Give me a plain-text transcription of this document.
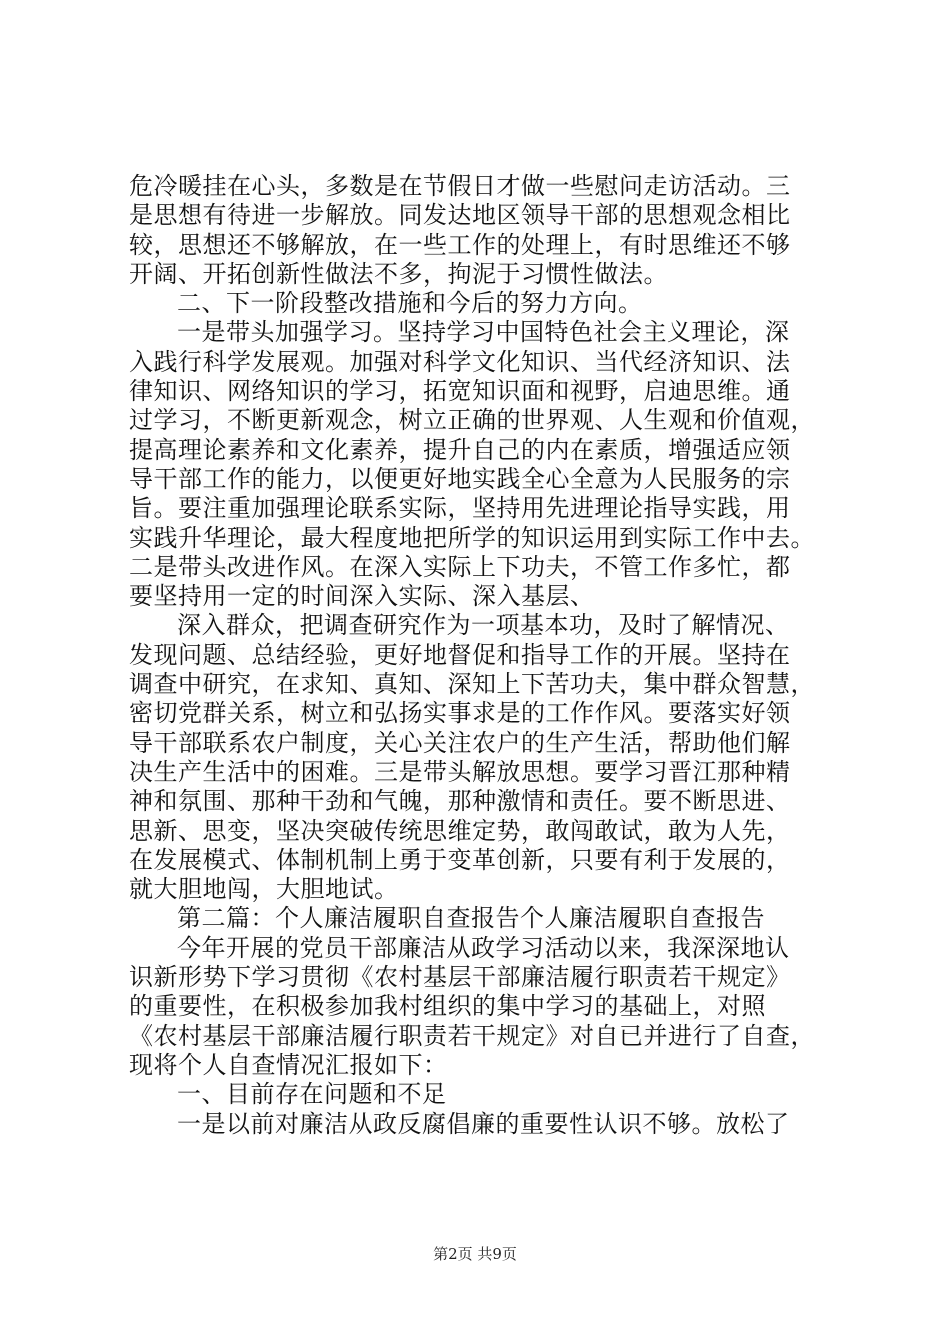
危冷暖挂在心头，多数是在节假日才做一些慰问走访活动。三
是思想有待进一步解放。同发达地区领导干部的思想观念相比
较，思想还不够解放，在一些工作的处理上，有时思维还不够
开阔、开拓创新性做法不多，拘泥于习惯性做法。
二、下一阶段整改措施和今后的努力方向。
一是带头加强学习。坚持学习中国特色社会主义理论，深
入践行科学发展观。加强对科学文化知识、当代经济知识、法
律知识、网络知识的学习，拓宽知识面和视野，启迪思维。通
过学习，不断更新观念，树立正确的世界观、人生观和价值观，
提高理论素养和文化素养，提升自己的内在素质，增强适应领
导干部工作的能力，以便更好地实践全心全意为人民服务的宗
旨。要注重加强理论联系实际，坚持用先进理论指导实践，用
实践升华理论，最大程度地把所学的知识运用到实际工作中去。
二是带头改进作风。在深入实际上下功夫，不管工作多忙，都
要坚持用一定的时间深入实际、深入基层、
深入群众，把调查研究作为一项基本功，及时了解情况、
发现问题、总结经验，更好地督促和指导工作的开展。坚持在
调查中研究，在求知、真知、深知上下苦功夫，集中群众智慧，
密切党群关系，树立和弘扬实事求是的工作作风。要落实好领
导干部联系农户制度，关心关注农户的生产生活，帮助他们解
决生产生活中的困难。三是带头解放思想。要学习晋江那种精
神和氛围、那种干劲和气魄，那种激情和责任。要不断思进、
思新、思变，坚决突破传统思维定势，敢闯敢试，敢为人先，
在发展模式、体制机制上勇于变革创新，只要有利于发展的，
就大胆地闯，大胆地试。
第二篇：个人廉洁履职自查报告个人廉洁履职自查报告
今年开展的党员干部廉洁从政学习活动以来，我深深地认
识新形势下学习贯彻《农村基层干部廉洁履行职责若干规定》
的重要性，在积极参加我村组织的集中学习的基础上，对照
《农村基层干部廉洁履行职责若干规定》对自已并进行了自查，
现将个人自查情况汇报如下：
一、目前存在问题和不足
一是以前对廉洁从政反腐倡廉的重要性认识不够。放松了
第2页 共9页
